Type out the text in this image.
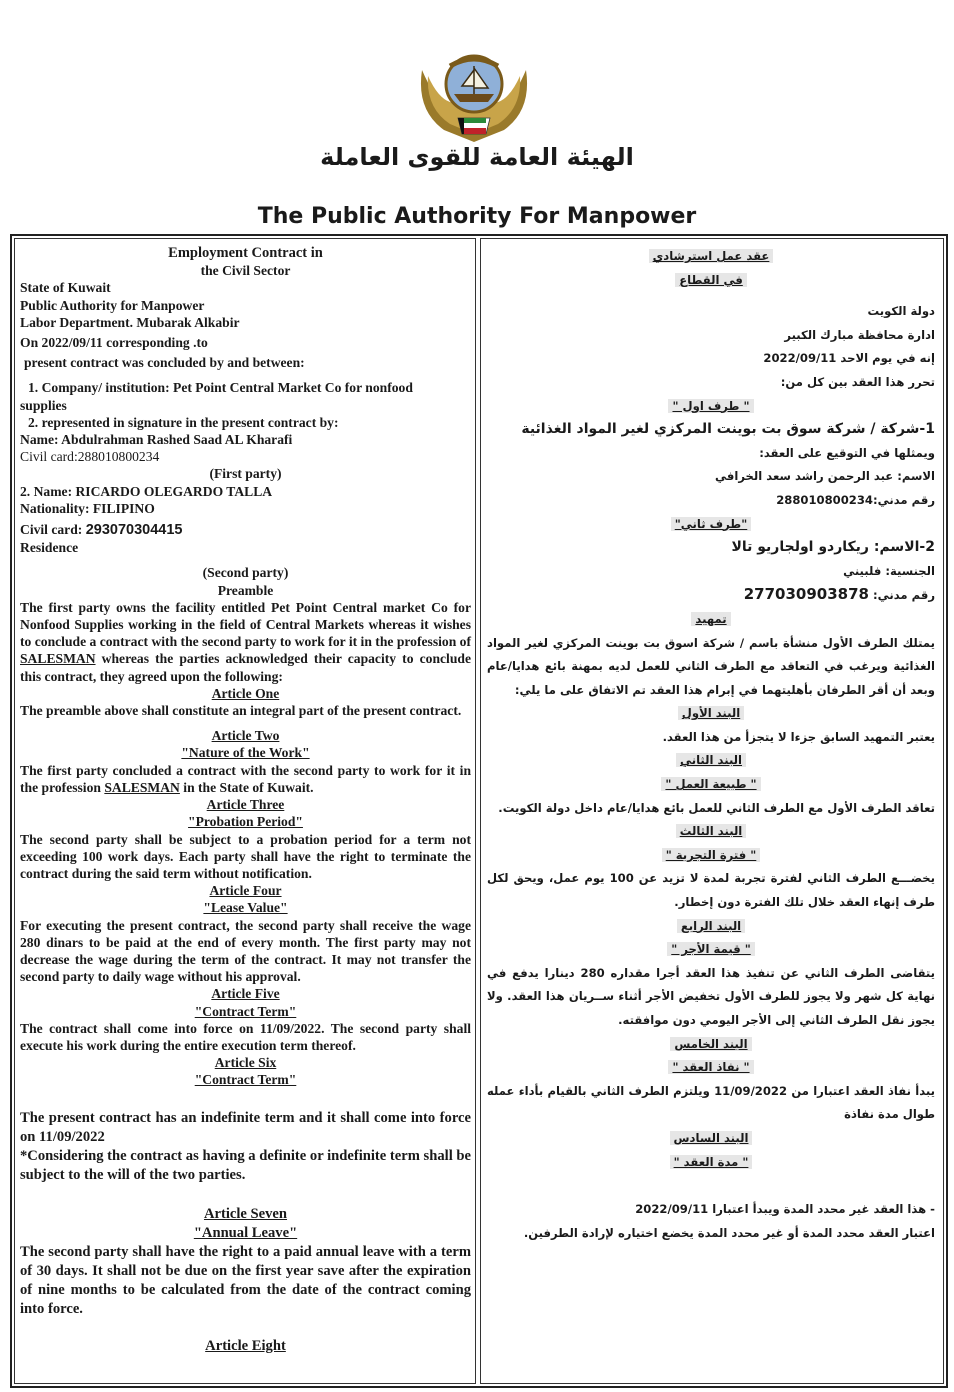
الهيئة العامة للقوى العاملة
The Public Authority For Manpower

Employment Contract in

the Civil Sector

State of Kuwait

Public Authority for Manpower

Labor Department. Mubarak Alkabir

On 2022/09/11 corresponding .to

present contract was concluded by and between:

1. Company/ institution: Pet Point Central Market Co for nonfood

supplies

2. represented in signature in the present contract by:

Name: Abdulrahman Rashed Saad AL Kharafi

Civil card:288010800234

(First party)

2. Name: RICARDO OLEGARDO TALLA

Nationality: FILIPINO

Civil card: 293070304415

Residence

(Second party)

Preamble

The first party owns the facility entitled Pet Point Central market Co for Nonfood Supplies working in the field of Central Markets whereas it wishes to conclude a contract with the second party to work for it in the profession of SALESMAN whereas the parties acknowledged their capacity to conclude this contract, they agreed upon the following:

Article One

The preamble above shall constitute an integral part of the present contract.

Article Two

"Nature of the Work"

The first party concluded a contract with the second party to work for it in the profession SALESMAN in the State of Kuwait.

Article Three

"Probation Period"

The second party shall be subject to a probation period for a term not exceeding 100 work days. Each party shall have the right to terminate the contract during the said term without notification.

Article Four

"Lease Value"

For executing the present contract, the second party shall receive the wage 280 dinars to be paid at the end of every month. The first party may not decrease the wage during the term of the contract. It may not transfer the second party to daily wage without his approval.

Article Five

"Contract Term"

The contract shall come into force on 11/09/2022. The second party shall execute his work during the entire execution term thereof.

Article Six

"Contract Term"

The present contract has an indefinite term and it shall come into force on 11/09/2022

*Considering the contract as having a definite or indefinite term shall be subject to the will of the two parties.

Article Seven

"Annual Leave"

The second party shall have the right to a paid annual leave with a term of 30 days. It shall not be due on the first year save after the expiration of nine months to be calculated from the date of the contract coming into force.

Article Eight

عقد عمل استرشادي

في القطاع

دولة الكويت

ادارة محافظة مبارك الكبير

إنه في يوم الاحد 2022/09/11

تحرر هذا العقد بين كل من:

" طرف اول "

1-شركة / شركة سوق بت بوينت المركزي لغير المواد الغذائية

ويمثلها في التوقيع على العقد:

الاسم: عبد الرحمن راشد سعد الخرافي

رقم مدني:288010800234

"طرف ثاني"

2-الاسم: ريكاردو اولجاريو تالا

الجنسية: فلبيني

رقم مدني: 277030903878

تمهيد

يمتلك الطرف الأول منشأة باسم / شركة اسوق بت بوينت المركزي لغير المواد الغذائية ويرغب في التعاقد مع الطرف الثاني للعمل لديه بمهنة بائع هدايا/عام وبعد أن أقر الطرفان بأهليتهما في إبرام هذا العقد تم الاتفاق على ما يلي:

البند الأول

يعتبر التمهيد السابق جزءا لا يتجزأ من هذا العقد.

البند الثاني

" طبيعة العمل "

تعاقد الطرف الأول مع الطرف الثاني للعمل بائع هدايا/عام داخل دولة الكويت.

البند الثالث

" فترة التجربة "

يخضـــع الطرف الثاني لفترة تجربة لمدة لا تزيد عن 100 يوم عمل، ويحق لكل طرف إنهاء العقد خلال تلك الفترة دون إخطار.

البند الرابع

" قيمة الأجر "

يتقاضى الطرف الثاني عن تنفيذ هذا العقد أجرا مقداره 280 دينارا يدفع في نهاية كل شهر ولا يجوز للطرف الأول تخفيض الأجر أثناء ســريان هذا العقد. ولا يجوز نقل الطرف الثاني إلى الأجر اليومي دون موافقته.

البند الخامس

" نفاذ العقد "

يبدأ نفاذ العقد اعتبارا من 11/09/2022 ويلتزم الطرف الثاني بالقيام بأداء عمله طوال مدة نفاذة

البند السادس

" مدة العقد "

- هذا العقد غير محدد المدة ويبدأ اعتبارا 2022/09/11

اعتبار العقد محدد المدة أو غير محدد المدة يخضع اختياره لإرادة الطرفين.
